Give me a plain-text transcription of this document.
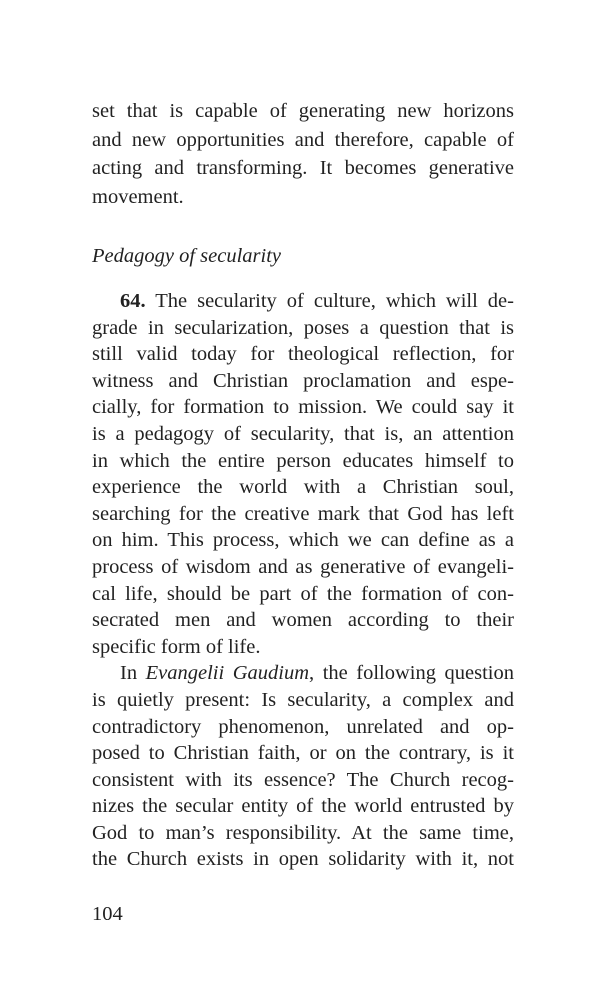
set that is capable of generating new horizons
and new opportunities and therefore, capable of
acting and transforming. It becomes generative
movement.
Pedagogy of secularity
64. The secularity of culture, which will de-
grade in secularization, poses a question that is
still valid today for theological reflection, for
witness and Christian proclamation and espe-
cially, for formation to mission. We could say it
is a pedagogy of secularity, that is, an attention
in which the entire person educates himself to
experience the world with a Christian soul,
searching for the creative mark that God has left
on him. This process, which we can define as a
process of wisdom and as generative of evangeli-
cal life, should be part of the formation of con-
secrated men and women according to their
specific form of life.
In Evangelii Gaudium, the following question
is quietly present: Is secularity, a complex and
contradictory phenomenon, unrelated and op-
posed to Christian faith, or on the contrary, is it
consistent with its essence? The Church recog-
nizes the secular entity of the world entrusted by
God to man’s responsibility. At the same time,
the Church exists in open solidarity with it, not
104
